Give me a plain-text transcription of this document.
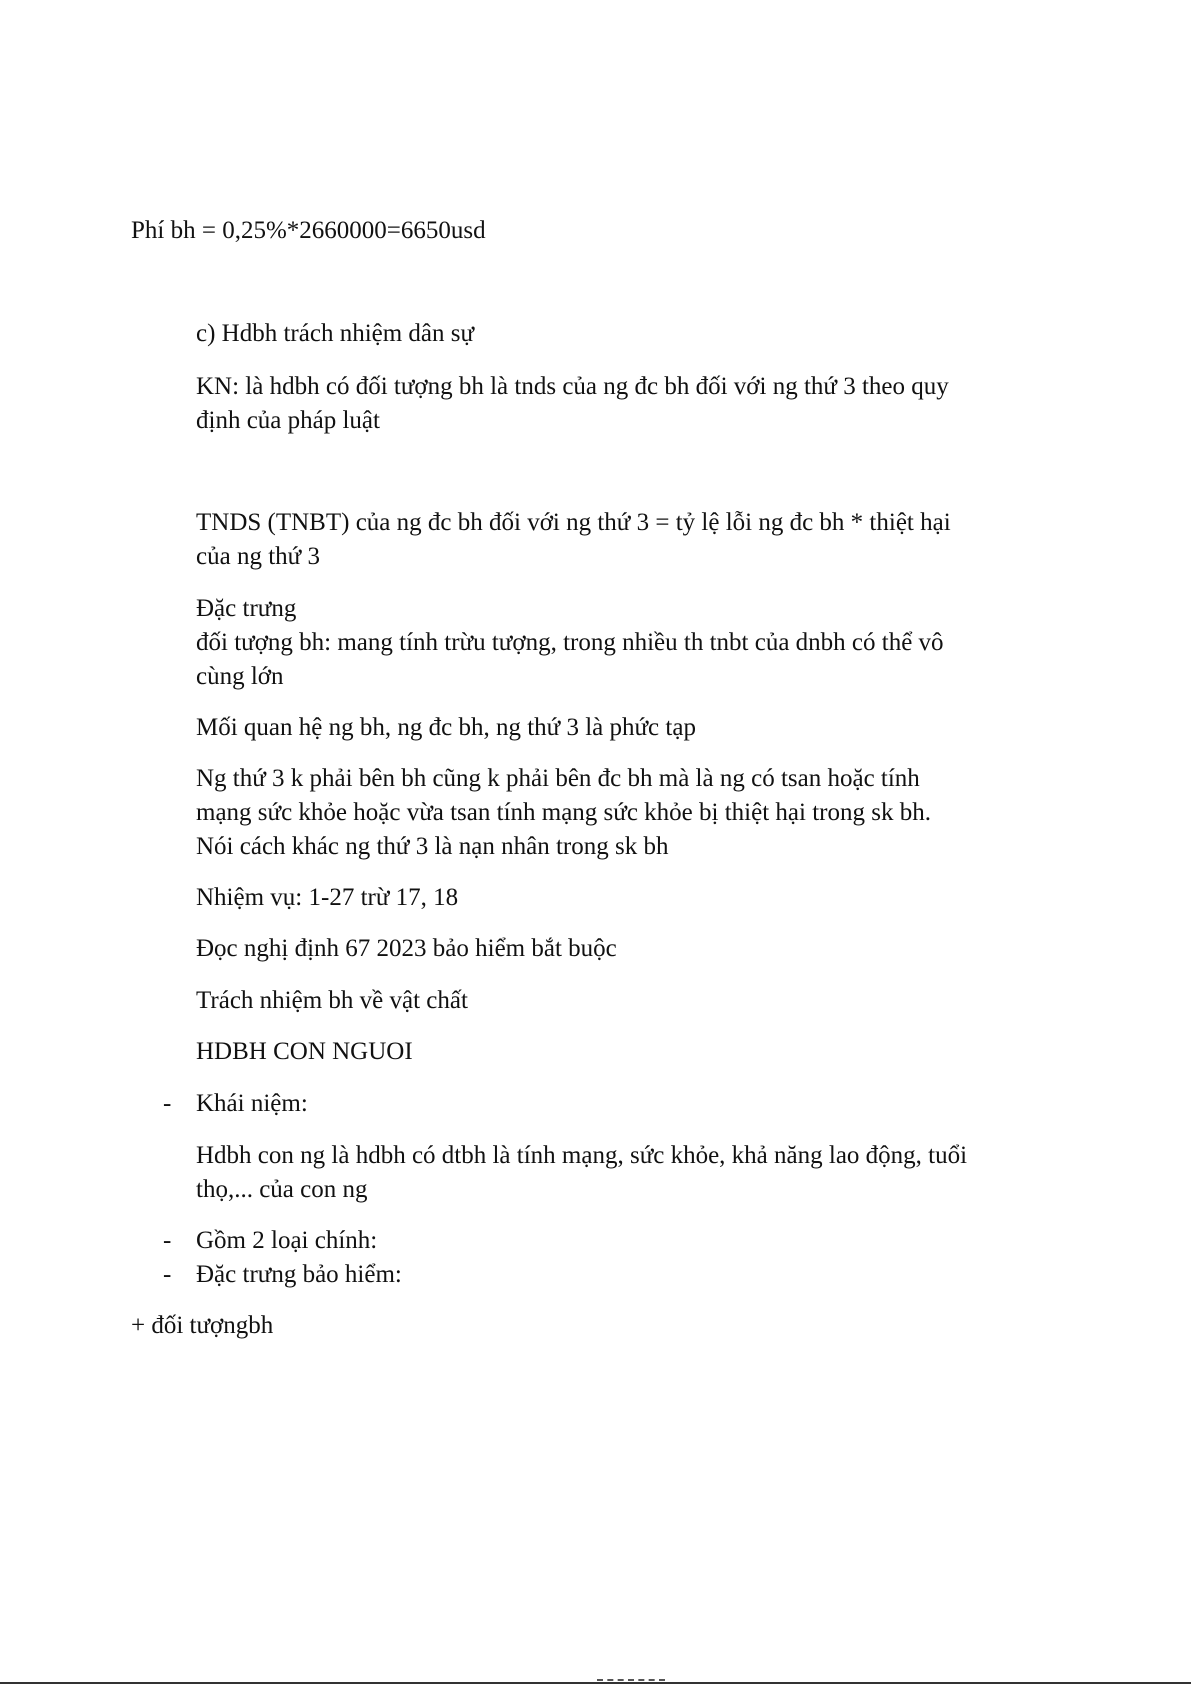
Phí bh = 0,25%*2660000=6650usd
c) Hdbh trách nhiệm dân sự
KN: là hdbh có đối tượng bh là tnds của ng đc bh đối với ng thứ 3 theo quy
định của pháp luật
TNDS (TNBT) của ng đc bh đối với ng thứ 3 = tỷ lệ lỗi ng đc bh * thiệt hại
của ng thứ 3
Đặc trưng
đối tượng bh: mang tính trừu tượng, trong nhiều th tnbt của dnbh có thể vô
cùng lớn
Mối quan hệ ng bh, ng đc bh, ng thứ 3 là phức tạp
Ng thứ 3 k phải bên bh cũng k phải bên đc bh mà là ng có tsan hoặc tính
mạng sức khỏe hoặc vừa tsan tính mạng sức khỏe bị thiệt hại trong sk bh.
Nói cách khác ng thứ 3 là nạn nhân trong sk bh
Nhiệm vụ: 1-27 trừ 17, 18
Đọc nghị định 67 2023 bảo hiểm bắt buộc
Trách nhiệm bh về vật chất
HDBH CON NGUOI
- Khái niệm:
Hdbh con ng là hdbh có dtbh là tính mạng, sức khỏe, khả năng lao động, tuổi
thọ,... của con ng
- Gồm 2 loại chính:
- Đặc trưng bảo hiểm:
+ đối tượngbh
